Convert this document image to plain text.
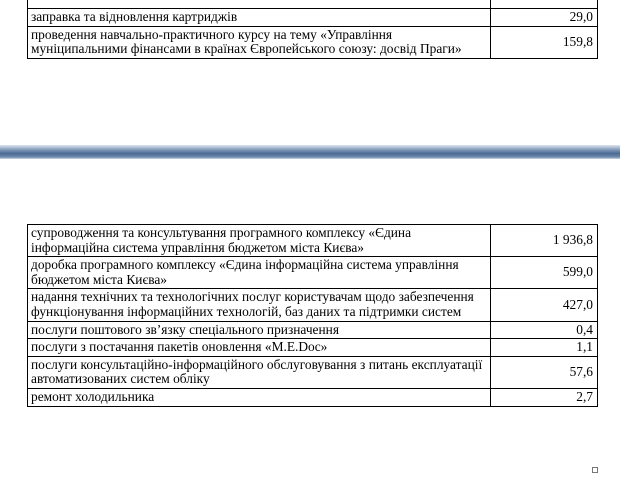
заправка та відновлення картриджів	29,0
проведення навчально-практичного курсу на тему «Управління муніципальними фінансами в країнах Європейського союзу: досвід Праги»	159,8
супроводження та консультування програмного комплексу «Єдина інформаційна система управління бюджетом міста Києва»	1 936,8
доробка програмного комплексу «Єдина інформаційна система управління бюджетом міста Києва»	599,0
надання технічних та технологічних послуг користувачам щодо забезпечення функціонування інформаційних технологій, баз даних та підтримки систем	427,0
послуги поштового зв’язку спеціального призначення	0,4
послуги з постачання пакетів оновлення «M.E.Doc»	1,1
послуги консультаційно-інформаційного обслуговування з питань експлуатації автоматизованих систем обліку	57,6
ремонт холодильника	2,7
